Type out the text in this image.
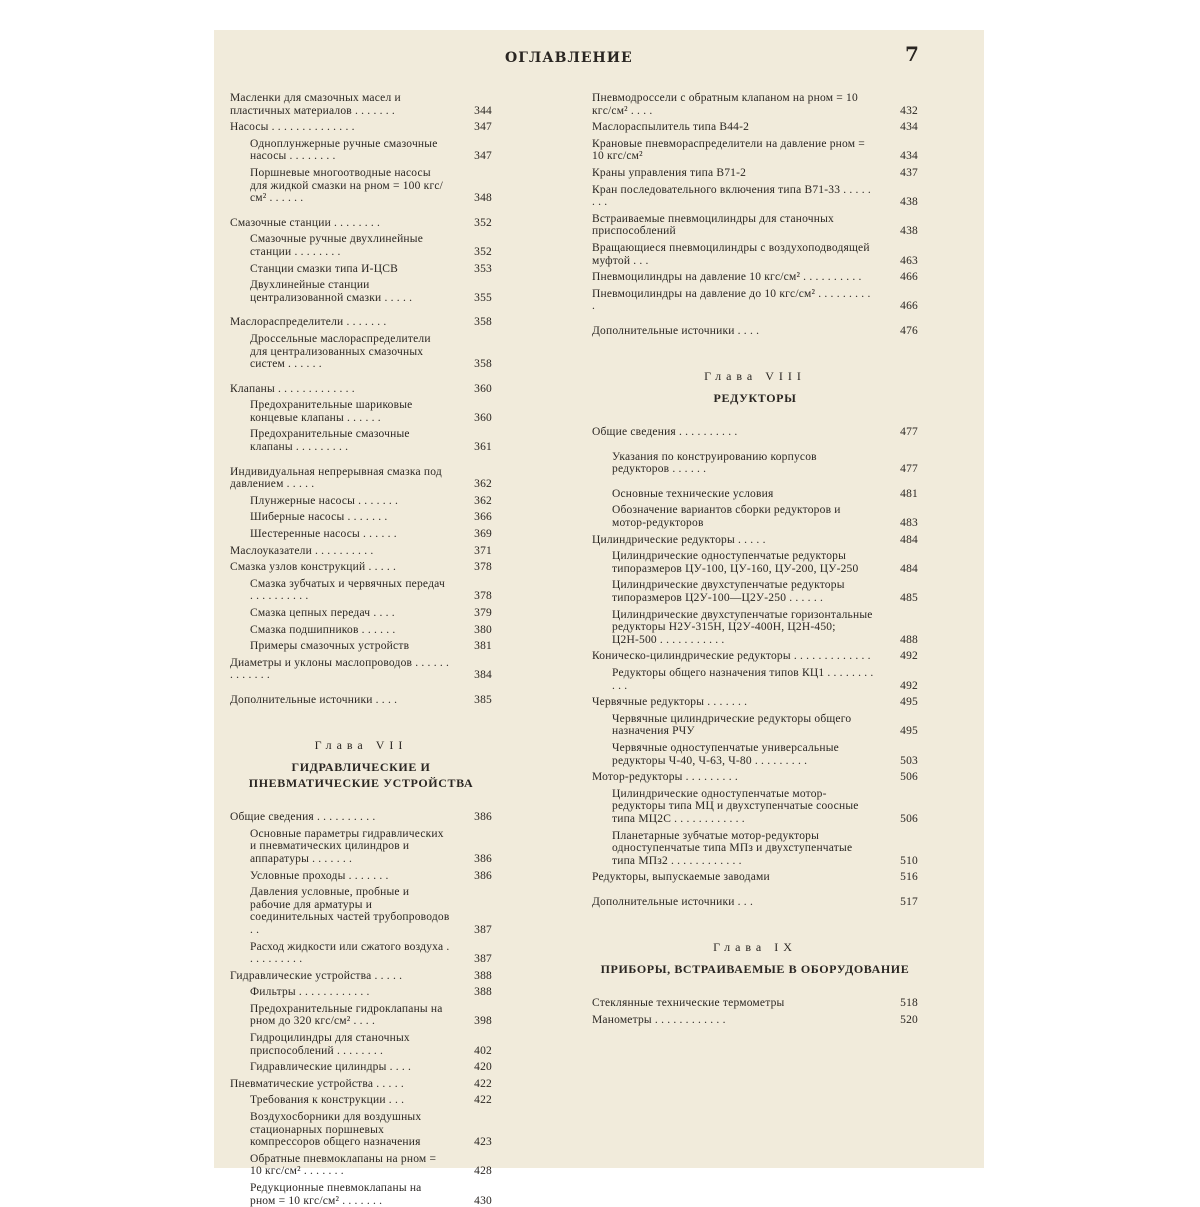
ОГЛАВЛЕНИЕ	7
Масленки для смазочных масел и пластичных материалов . . . . . . .	344
Насосы . . . . . . . . . . . . . .	347
Одноплунжерные ручные смазочные насосы . . . . . . . .	347
Поршневые многоотводные насосы для жидкой смазки на pном = 100 кгс/см² . . . . . .	348
Смазочные станции . . . . . . . .	352
Смазочные ручные двухлинейные станции . . . . . . . .	352
Станции смазки типа И-ЦСВ	353
Двухлинейные станции централизованной смазки . . . . .	355
Маслораспределители . . . . . . .	358
Дроссельные маслораспределители для централизованных смазочных систем . . . . . .	358
Клапаны . . . . . . . . . . . . .	360
Предохранительные шариковые концевые клапаны . . . . . .	360
Предохранительные смазочные клапаны . . . . . . . . .	361
Индивидуальная непрерывная смазка под давлением . . . . .	362
Плунжерные насосы . . . . . . .	362
Шиберные насосы . . . . . . .	366
Шестеренные насосы . . . . . .	369
Маслоуказатели . . . . . . . . . .	371
Смазка узлов конструкций . . . . .	378
Смазка зубчатых и червячных передач . . . . . . . . . .	378
Смазка цепных передач . . . .	379
Смазка подшипников . . . . . .	380
Примеры смазочных устройств	381
Диаметры и уклоны маслопроводов . . . . . . . . . . . . .	384
Дополнительные источники . . . .	385
Глава VII
ГИДРАВЛИЧЕСКИЕ И ПНЕВМАТИЧЕСКИЕ УСТРОЙСТВА
Общие сведения . . . . . . . . . .	386
Основные параметры гидравлических и пневматических цилиндров и аппаратуры . . . . . . .	386
Условные проходы . . . . . . .	386
Давления условные, пробные и рабочие для арматуры и соединительных частей трубопроводов . .	387
Расход жидкости или сжатого воздуха . . . . . . . . . .	387
Гидравлические устройства . . . . .	388
Фильтры . . . . . . . . . . . .	388
Предохранительные гидроклапаны на pном до 320 кгс/см² . . . .	398
Гидроцилиндры для станочных приспособлений . . . . . . . .	402
Гидравлические цилиндры . . . .	420
Пневматические устройства . . . . .	422
Требования к конструкции . . .	422
Воздухосборники для воздушных стационарных поршневых компрессоров общего назначения	423
Обратные пневмоклапаны на pном = 10 кгс/см² . . . . . . .	428
Редукционные пневмоклапаны на pном = 10 кгс/см² . . . . . . .	430
Пневмодроссели с обратным клапаном на pном = 10 кгс/см² . . . .	432
Маслораспылитель типа В44-2	434
Крановые пневмораспределители на давление pном = 10 кгс/см²	434
Краны управления типа В71-2	437
Кран последовательного включения типа В71-33 . . . . . . . .	438
Встраиваемые пневмоцилиндры для станочных приспособлений	438
Вращающиеся пневмоцилиндры с воздухоподводящей муфтой . . .	463
Пневмоцилиндры на давление 10 кгс/см² . . . . . . . . . .	466
Пневмоцилиндры на давление до 10 кгс/см² . . . . . . . . . .	466
Дополнительные источники . . . .	476
Глава VIII
РЕДУКТОРЫ
Общие сведения . . . . . . . . . .	477
Указания по конструированию корпусов редукторов . . . . . .	477
Основные технические условия	481
Обозначение вариантов сборки редукторов и мотор-редукторов	483
Цилиндрические редукторы . . . . .	484
Цилиндрические одноступенчатые редукторы типоразмеров ЦУ-100, ЦУ-160, ЦУ-200, ЦУ-250	484
Цилиндрические двухступенчатые редукторы типоразмеров Ц2У-100—Ц2У-250 . . . . . .	485
Цилиндрические двухступенчатые горизонтальные редукторы Н2У-315Н, Ц2У-400Н, Ц2Н-450; Ц2Н-500 . . . . . . . . . . .	488
Коническо-цилиндрические редукторы . . . . . . . . . . . . .	492
Редукторы общего назначения типов КЦ1 . . . . . . . . . . .	492
Червячные редукторы . . . . . . .	495
Червячные цилиндрические редукторы общего назначения РЧУ	495
Червячные одноступенчатые универсальные редукторы Ч-40, Ч-63, Ч-80 . . . . . . . . .	503
Мотор-редукторы . . . . . . . . .	506
Цилиндрические одноступенчатые мотор-редукторы типа МЦ и двухступенчатые соосные типа МЦ2С . . . . . . . . . . . .	506
Планетарные зубчатые мотор-редукторы одноступенчатые типа МПз и двухступенчатые типа МПз2 . . . . . . . . . . . .	510
Редукторы, выпускаемые заводами	516
Дополнительные источники . . .	517
Глава IX
ПРИБОРЫ, ВСТРАИВАЕМЫЕ В ОБОРУДОВАНИЕ
Стеклянные технические термометры	518
Манометры . . . . . . . . . . . .	520
